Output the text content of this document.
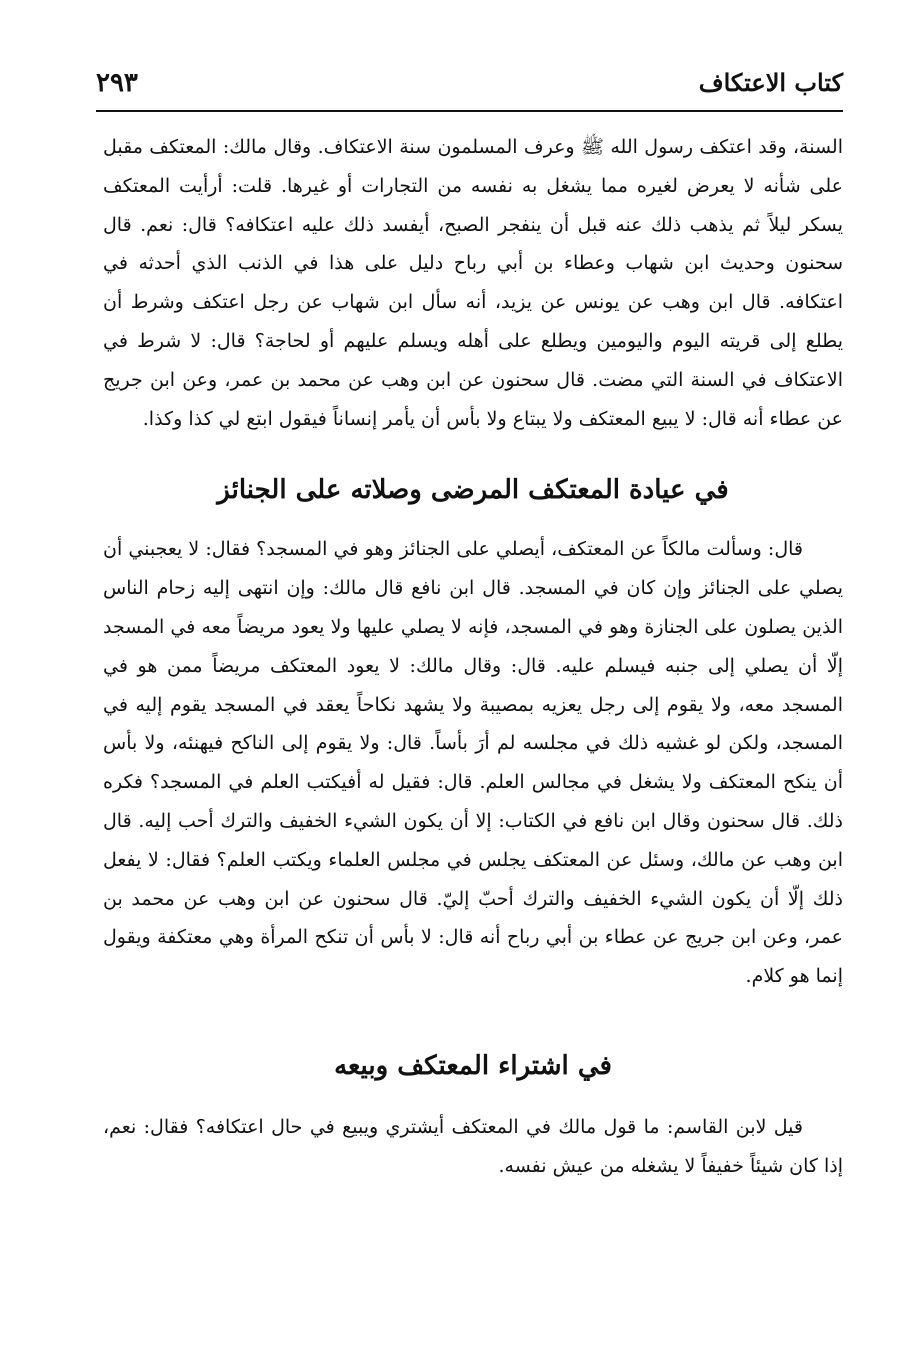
كتاب الاعتكاف
٢٩٣

السنة، وقد اعتكف رسول الله ﷺ وعرف المسلمون سنة الاعتكاف. وقال مالك: المعتكف مقبل على شأنه لا يعرض لغيره مما يشغل به نفسه من التجارات أو غيرها. قلت: أرأيت المعتكف يسكر ليلاً ثم يذهب ذلك عنه قبل أن ينفجر الصبح، أيفسد ذلك عليه اعتكافه؟ قال: نعم. قال سحنون وحديث ابن شهاب وعطاء بن أبي رباح دليل على هذا في الذنب الذي أحدثه في اعتكافه. قال ابن وهب عن يونس عن يزيد، أنه سأل ابن شهاب عن رجل اعتكف وشرط أن يطلع إلى قريته اليوم واليومين ويطلع على أهله ويسلم عليهم أو لحاجة؟ قال: لا شرط في الاعتكاف في السنة التي مضت. قال سحنون عن ابن وهب عن محمد بن عمر، وعن ابن جريج عن عطاء أنه قال: لا يبيع المعتكف ولا يبتاع ولا بأس أن يأمر إنساناً فيقول ابتع لي كذا وكذا.

في عيادة المعتكف المرضى وصلاته على الجنائز

قال: وسألت مالكاً عن المعتكف، أيصلي على الجنائز وهو في المسجد؟ فقال: لا يعجبني أن يصلي على الجنائز وإن كان في المسجد. قال ابن نافع قال مالك: وإن انتهى إليه زحام الناس الذين يصلون على الجنازة وهو في المسجد، فإنه لا يصلي عليها ولا يعود مريضاً معه في المسجد إلّا أن يصلي إلى جنبه فيسلم عليه. قال: وقال مالك: لا يعود المعتكف مريضاً ممن هو في المسجد معه، ولا يقوم إلى رجل يعزيه بمصيبة ولا يشهد نكاحاً يعقد في المسجد يقوم إليه في المسجد، ولكن لو غشيه ذلك في مجلسه لم أرَ بأساً. قال: ولا يقوم إلى الناكح فيهنئه، ولا بأس أن ينكح المعتكف ولا يشغل في مجالس العلم. قال: فقيل له أفيكتب العلم في المسجد؟ فكره ذلك. قال سحنون وقال ابن نافع في الكتاب: إلا أن يكون الشيء الخفيف والترك أحب إليه. قال ابن وهب عن مالك، وسئل عن المعتكف يجلس في مجلس العلماء ويكتب العلم؟ فقال: لا يفعل ذلك إلّا أن يكون الشيء الخفيف والترك أحبّ إليّ. قال سحنون عن ابن وهب عن محمد بن عمر، وعن ابن جريج عن عطاء بن أبي رباح أنه قال: لا بأس أن تنكح المرأة وهي معتكفة ويقول إنما هو كلام.

في اشتراء المعتكف وبيعه

قيل لابن القاسم: ما قول مالك في المعتكف أيشتري ويبيع في حال اعتكافه؟ فقال: نعم، إذا كان شيئاً خفيفاً لا يشغله من عيش نفسه.
